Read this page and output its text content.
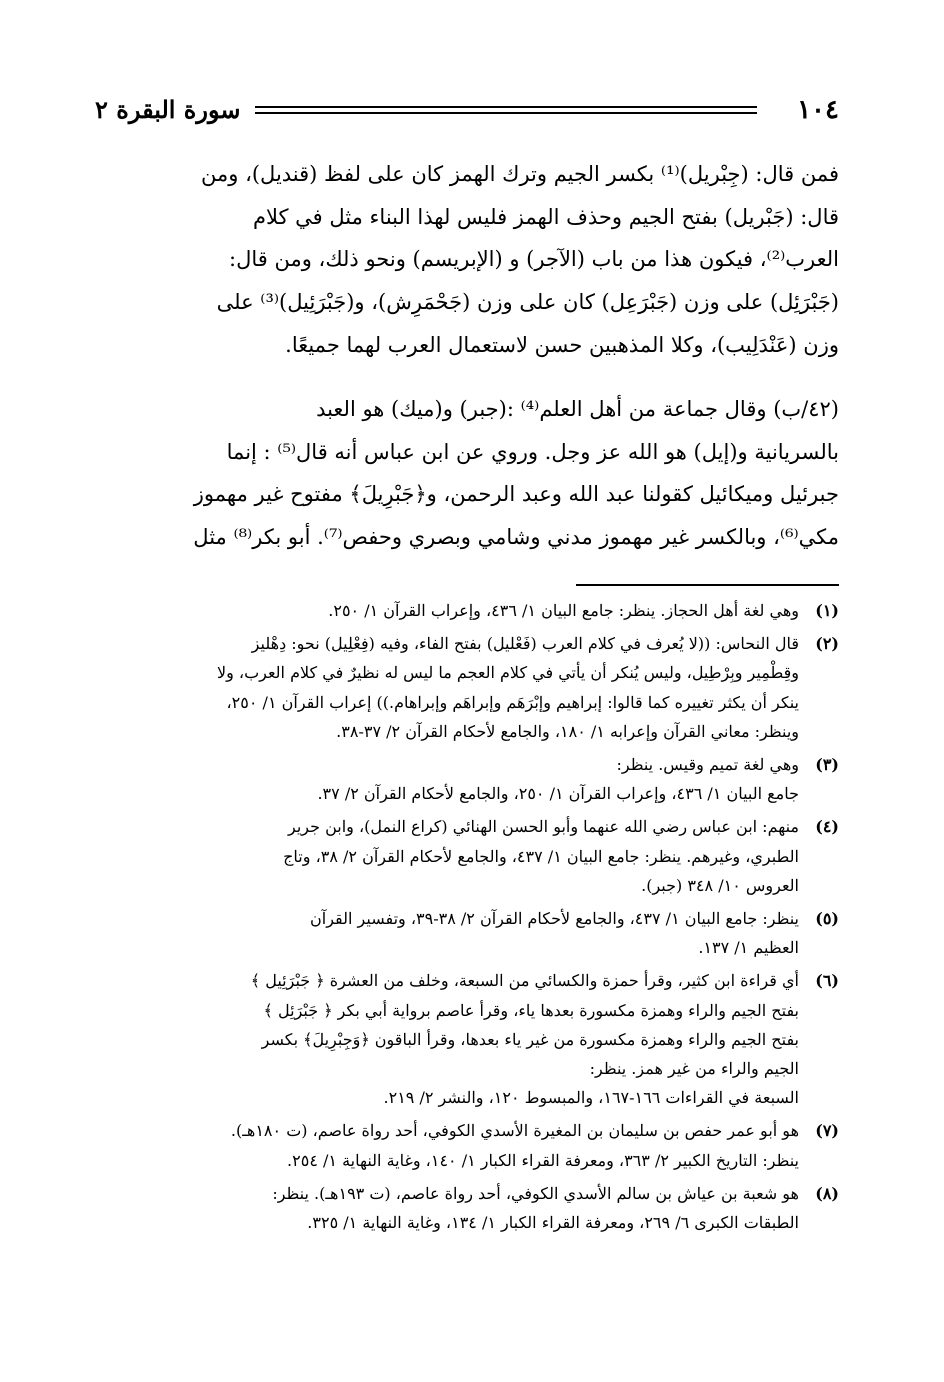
١٠٤
سورة البقرة ٢
فمن قال: (جِبْريل)⁽¹⁾ بكسر الجيم وترك الهمز كان على لفظ (قنديل)، ومن
قال: (جَبْريل) بفتح الجيم وحذف الهمز فليس لهذا البناء مثل في كلام
العرب⁽²⁾، فيكون هذا من باب (الآجر) و (الإبريسم) ونحو ذلك، ومن قال:
(جَبْرَئِل) على وزن (جَبْرَعِل) كان على وزن (جَحْمَرِش)، و(جَبْرَئِيل)⁽³⁾ على
وزن (عَنْدَلِيب)، وكلا المذهبين حسن لاستعمال العرب لهما جميعًا.
(٤٢/ب) وقال جماعة من أهل العلم⁽⁴⁾ :(جبر) و(ميك) هو العبد
بالسريانية و(إيل) هو الله عز وجل. وروي عن ابن عباس أنه قال⁽⁵⁾ : إنما
جبرئيل وميكائيل كقولنا عبد الله وعبد الرحمن، و﴿جَبْرِيلَ﴾ مفتوح غير مهموز
مكي⁽⁶⁾، وبالكسر غير مهموز مدني وشامي وبصري وحفص⁽⁷⁾. أبو بكر⁽⁸⁾ مثل
(١)
وهي لغة أهل الحجاز. ينظر: جامع البيان ١/ ٤٣٦، وإعراب القرآن ١/ ٢٥٠.
(٢)
قال النحاس: ((لا يُعرف في كلام العرب (فَعْليل) بفتح الفاء، وفيه (فِعْلِيل) نحو: دِهْليز
وقِطْمِير وبِرْطِيل، وليس يُنكر أن يأتي في كلام العجم ما ليس له نظيرٌ في كلام العرب، ولا
ينكر أن يكثر تغييره كما قالوا: إبراهيم وإبْرَهَم وإبراهَم وإبراهام.)) إعراب القرآن ١/ ٢٥٠،
وينظر: معاني القرآن وإعرابه ١/ ١٨٠، والجامع لأحكام القرآن ٢/ ٣٧-٣٨.
(٣)
وهي لغة تميم وقيس. ينظر:
جامع البيان ١/ ٤٣٦، وإعراب القرآن ١/ ٢٥٠، والجامع لأحكام القرآن ٢/ ٣٧.
(٤)
منهم: ابن عباس رضي الله عنهما وأبو الحسن الهنائي (كراع النمل)، وابن جرير
الطبري، وغيرهم. ينظر: جامع البيان ١/ ٤٣٧، والجامع لأحكام القرآن ٢/ ٣٨، وتاج
العروس ١٠/ ٣٤٨ (جبر).
(٥)
ينظر: جامع البيان ١/ ٤٣٧، والجامع لأحكام القرآن ٢/ ٣٨-٣٩، وتفسير القرآن
العظيم ١/ ١٣٧.
(٦)
أي قراءة ابن كثير، وقرأ حمزة والكسائي من السبعة، وخلف من العشرة ﴿ جَبْرَئِيل ﴾
بفتح الجيم والراء وهمزة مكسورة بعدها ياء، وقرأ عاصم برواية أبي بكر ﴿ جَبْرَئِل ﴾
بفتح الجيم والراء وهمزة مكسورة من غير ياء بعدها، وقرأ الباقون ﴿وَجِبْرِيلَ﴾ بكسر
الجيم والراء من غير همز. ينظر:
السبعة في القراءات ١٦٦-١٦٧، والمبسوط ١٢٠، والنشر ٢/ ٢١٩.
(٧)
هو أبو عمر حفص بن سليمان بن المغيرة الأسدي الكوفي، أحد رواة عاصم، (ت ١٨٠هـ).
ينظر: التاريخ الكبير ٢/ ٣٦٣، ومعرفة القراء الكبار ١/ ١٤٠، وغاية النهاية ١/ ٢٥٤.
(٨)
هو شعبة بن عياش بن سالم الأسدي الكوفي، أحد رواة عاصم، (ت ١٩٣هـ). ينظر:
الطبقات الكبرى ٦/ ٢٦٩، ومعرفة القراء الكبار ١/ ١٣٤، وغاية النهاية ١/ ٣٢٥.
